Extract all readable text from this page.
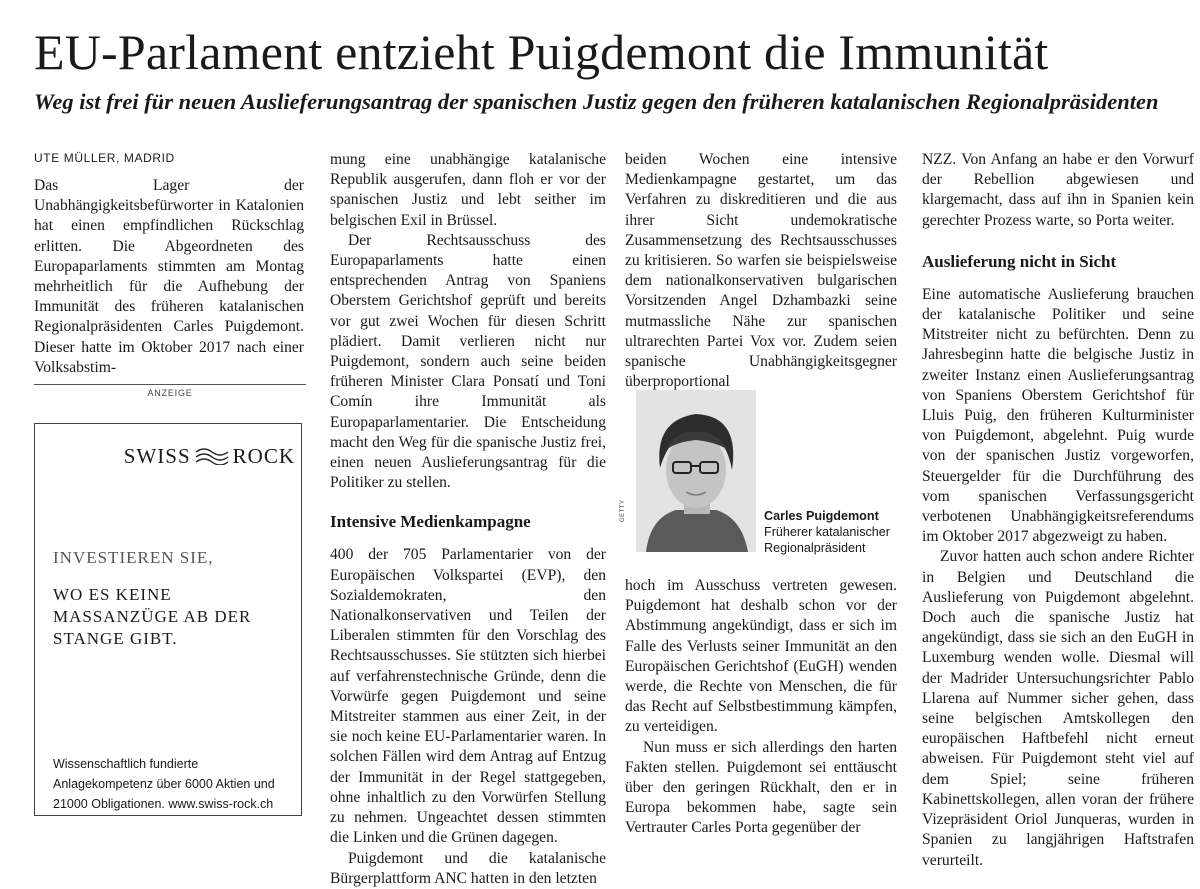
EU-Parlament entzieht Puigdemont die Immunität
Weg ist frei für neuen Auslieferungsantrag der spanischen Justiz gegen den früheren katalanischen Regionalpräsidenten
UTE MÜLLER, MADRID

Das Lager der Unabhängigkeitsbefürworter in Katalonien hat einen empfindlichen Rückschlag erlitten. Die Abgeordneten des Europaparlaments stimmten am Montag mehrheitlich für die Aufhebung der Immunität des früheren katalanischen Regionalpräsidenten Carles Puigdemont. Dieser hatte im Oktober 2017 nach einer Volksabstim-

ANZEIGE
SWISS ROCK
INVESTIEREN SIE,
WO ES KEINE MASSANZÜGE AB DER STANGE GIBT.
Wissenschaftlich fundierte Anlagekompetenz über 6000 Aktien und 21000 Obligationen. www.swiss-rock.ch

mung eine unabhängige katalanische Republik ausgerufen, dann floh er vor der spanischen Justiz und lebt seither im belgischen Exil in Brüssel.

Der Rechtsausschuss des Europaparlaments hatte einen entsprechenden Antrag von Spaniens Oberstem Gerichtshof geprüft und bereits vor gut zwei Wochen für diesen Schritt plädiert. Damit verlieren nicht nur Puigdemont, sondern auch seine beiden früheren Minister Clara Ponsatí und Toni Comín ihre Immunität als Europaparlamentarier. Die Entscheidung macht den Weg für die spanische Justiz frei, einen neuen Auslieferungsantrag für die Politiker zu stellen.

Intensive Medienkampagne

400 der 705 Parlamentarier von der Europäischen Volkspartei (EVP), den Sozialdemokraten, den Nationalkonservativen und Teilen der Liberalen stimmten für den Vorschlag des Rechtsausschusses. Sie stützten sich hierbei auf verfahrenstechnische Gründe, denn die Vorwürfe gegen Puigdemont und seine Mitstreiter stammen aus einer Zeit, in der sie noch keine EU-Parlamentarier waren. In solchen Fällen wird dem Antrag auf Entzug der Immunität in der Regel stattgegeben, ohne inhaltlich zu den Vorwürfen Stellung zu nehmen. Ungeachtet dessen stimmten die Linken und die Grünen dagegen.

Puigdemont und die katalanische Bürgerplattform ANC hatten in den letzten

beiden Wochen eine intensive Medienkampagne gestartet, um das Verfahren zu diskreditieren und die aus ihrer Sicht undemokratische Zusammensetzung des Rechtsausschusses zu kritisieren. So warfen sie beispielsweise dem nationalkonservativen bulgarischen Vorsitzenden Angel Dzhambazki seine mutmassliche Nähe zur spanischen ultrarechten Partei Vox vor. Zudem seien spanische Unabhängigkeitsgegner überproportional

GETTY	Carles Puigdemont
Früherer katalanischer Regionalpräsident

hoch im Ausschuss vertreten gewesen. Puigdemont hat deshalb schon vor der Abstimmung angekündigt, dass er sich im Falle des Verlusts seiner Immunität an den Europäischen Gerichtshof (EuGH) wenden werde, die Rechte von Menschen, die für das Recht auf Selbstbestimmung kämpfen, zu verteidigen.

Nun muss er sich allerdings den harten Fakten stellen. Puigdemont sei enttäuscht über den geringen Rückhalt, den er in Europa bekommen habe, sagte sein Vertrauter Carles Porta gegenüber der

NZZ. Von Anfang an habe er den Vorwurf der Rebellion abgewiesen und klargemacht, dass auf ihn in Spanien kein gerechter Prozess warte, so Porta weiter.

Auslieferung nicht in Sicht

Eine automatische Auslieferung brauchen der katalanische Politiker und seine Mitstreiter nicht zu befürchten. Denn zu Jahresbeginn hatte die belgische Justiz in zweiter Instanz einen Auslieferungsantrag von Spaniens Oberstem Gerichtshof für Lluis Puig, den früheren Kulturminister von Puigdemont, abgelehnt. Puig wurde von der spanischen Justiz vorgeworfen, Steuergelder für die Durchführung des vom spanischen Verfassungsgericht verbotenen Unabhängigkeitsreferendums im Oktober 2017 abgezweigt zu haben.

Zuvor hatten auch schon andere Richter in Belgien und Deutschland die Auslieferung von Puigdemont abgelehnt. Doch auch die spanische Justiz hat angekündigt, dass sie sich an den EuGH in Luxemburg wenden wolle. Diesmal will der Madrider Untersuchungsrichter Pablo Llarena auf Nummer sicher gehen, dass seine belgischen Amtskollegen den europäischen Haftbefehl nicht erneut abweisen. Für Puigdemont steht viel auf dem Spiel; seine früheren Kabinettskollegen, allen voran der frühere Vizepräsident Oriol Junqueras, wurden in Spanien zu langjährigen Haftstrafen verurteilt.
